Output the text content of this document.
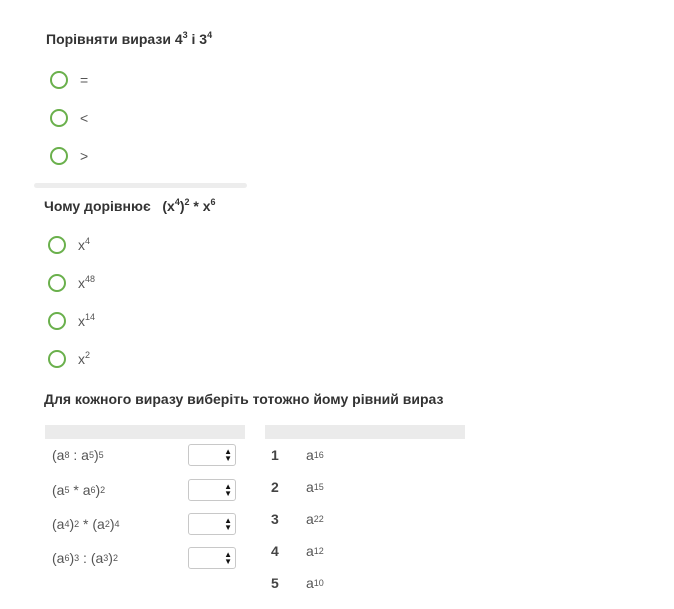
Порівняти вирази $4^3$ і $3^4$
=
<
>
Чому дорівнює   $(x^4)^2 * x^6$
$x^4$
$x^{48}$
$x^{14}$
$x^2$
Для кожного виразу виберіть тотожно йому рівний вираз
(a 8 : a 5 ) 5	▲
▼
(a 5 * a 6 ) 2	▲
▼
(a 4 ) 2 * (a 2 ) 4	▲
▼
(a 6 ) 3 : (a 3 ) 2	▲
▼
1 a 16
2 a 15
3 a 22
4 a 12
5 a 10
